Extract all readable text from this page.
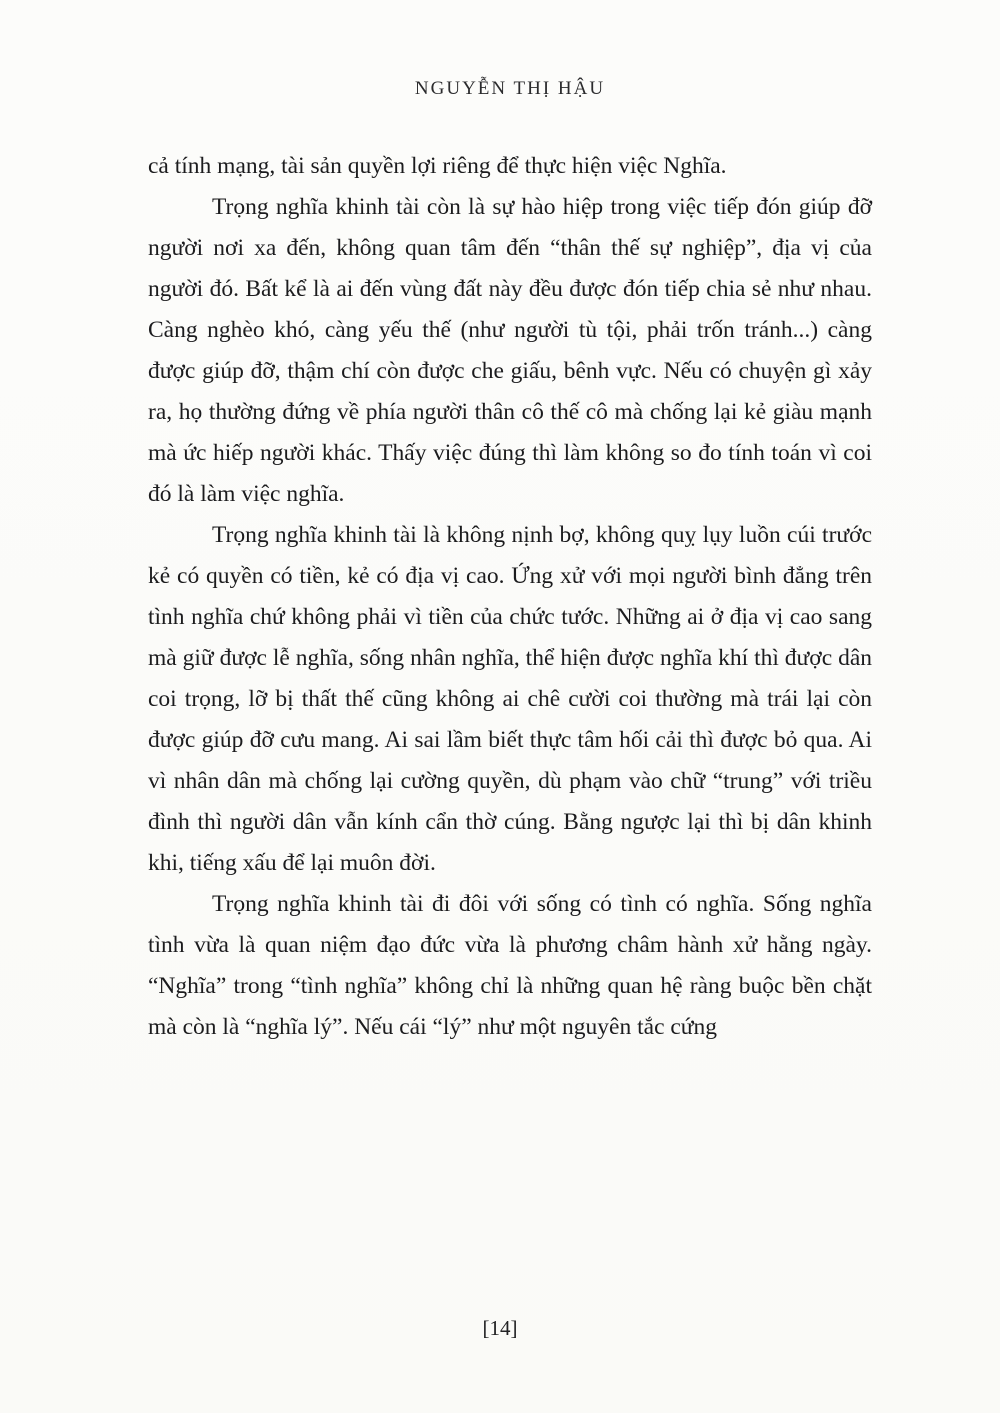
NGUYỄN THỊ HẬU

cả tính mạng, tài sản quyền lợi riêng để thực hiện việc Nghĩa.

Trọng nghĩa khinh tài còn là sự hào hiệp trong việc tiếp đón giúp đỡ người nơi xa đến, không quan tâm đến “thân thế sự nghiệp”, địa vị của người đó. Bất kể là ai đến vùng đất này đều được đón tiếp chia sẻ như nhau. Càng nghèo khó, càng yếu thế (như người tù tội, phải trốn tránh...) càng được giúp đỡ, thậm chí còn được che giấu, bênh vực. Nếu có chuyện gì xảy ra, họ thường đứng về phía người thân cô thế cô mà chống lại kẻ giàu mạnh mà ức hiếp người khác. Thấy việc đúng thì làm không so đo tính toán vì coi đó là làm việc nghĩa.

Trọng nghĩa khinh tài là không nịnh bợ, không quỵ lụy luồn cúi trước kẻ có quyền có tiền, kẻ có địa vị cao. Ứng xử với mọi người bình đẳng trên tình nghĩa chứ không phải vì tiền của chức tước. Những ai ở địa vị cao sang mà giữ được lễ nghĩa, sống nhân nghĩa, thể hiện được nghĩa khí thì được dân coi trọng, lỡ bị thất thế cũng không ai chê cười coi thường mà trái lại còn được giúp đỡ cưu mang. Ai sai lầm biết thực tâm hối cải thì được bỏ qua. Ai vì nhân dân mà chống lại cường quyền, dù phạm vào chữ “trung” với triều đình thì người dân vẫn kính cẩn thờ cúng. Bằng ngược lại thì bị dân khinh khi, tiếng xấu để lại muôn đời.

Trọng nghĩa khinh tài đi đôi với sống có tình có nghĩa. Sống nghĩa tình vừa là quan niệm đạo đức vừa là phương châm hành xử hằng ngày. “Nghĩa” trong “tình nghĩa” không chỉ là những quan hệ ràng buộc bền chặt mà còn là “nghĩa lý”. Nếu cái “lý” như một nguyên tắc cứng

[14]
